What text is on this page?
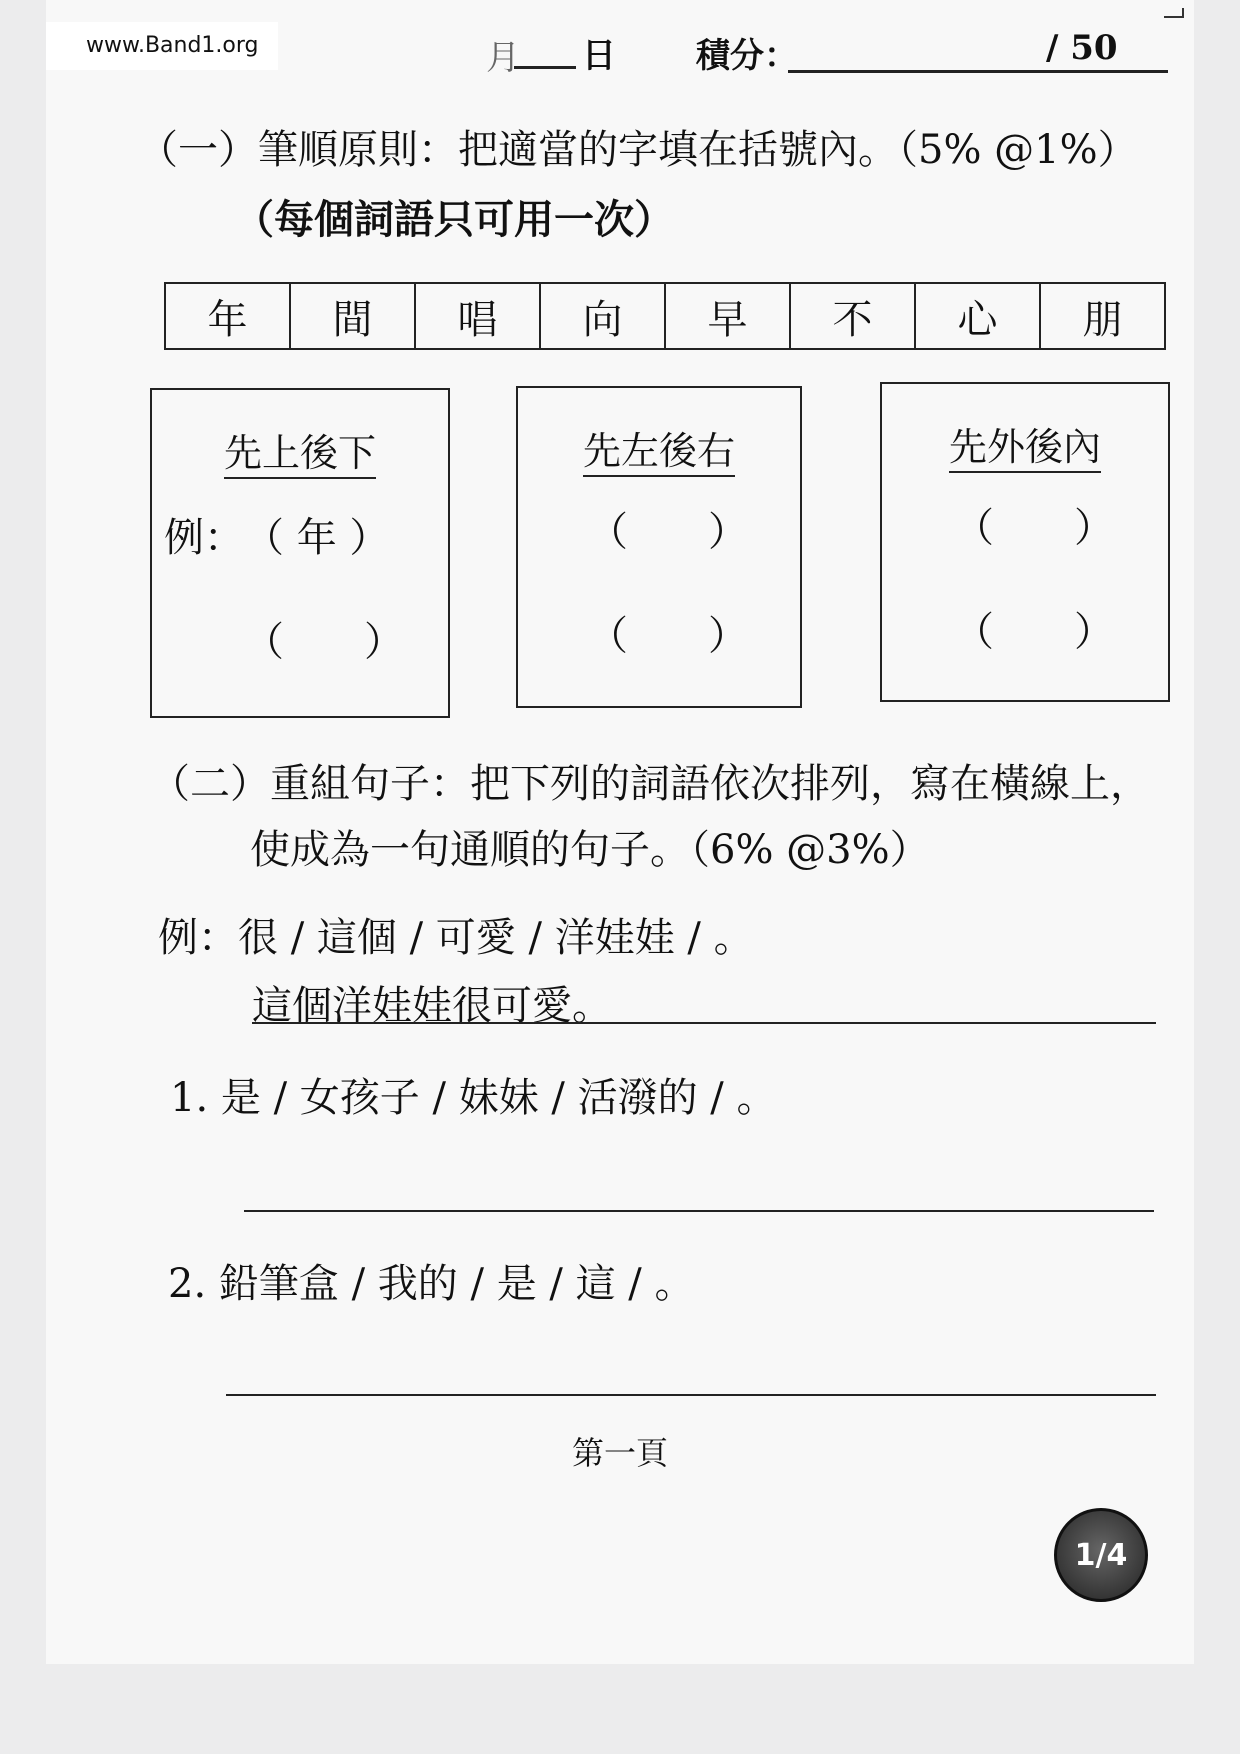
月 日 積分：	/ 50
（一）筆順原則：把適當的字填在括號內。（5% @1%）
（每個詞語只可用一次）
年	間	唱	向	早	不	心	朋
先上後下
例： （ 年 ）
（　　）
先左後右
（　　）
（　　）
先外後內
（　　）
（　　）
（二）重組句子：把下列的詞語依次排列，寫在橫線上，
使成為一句通順的句子。（6% @3%）
例：很 / 這個 / 可愛 / 洋娃娃 / 。
這個洋娃娃很可愛。
1. 是 / 女孩子 / 妹妹 / 活潑的 / 。
2. 鉛筆盒 / 我的 / 是 / 這 / 。
第一頁
1/4
www.Band1.org
